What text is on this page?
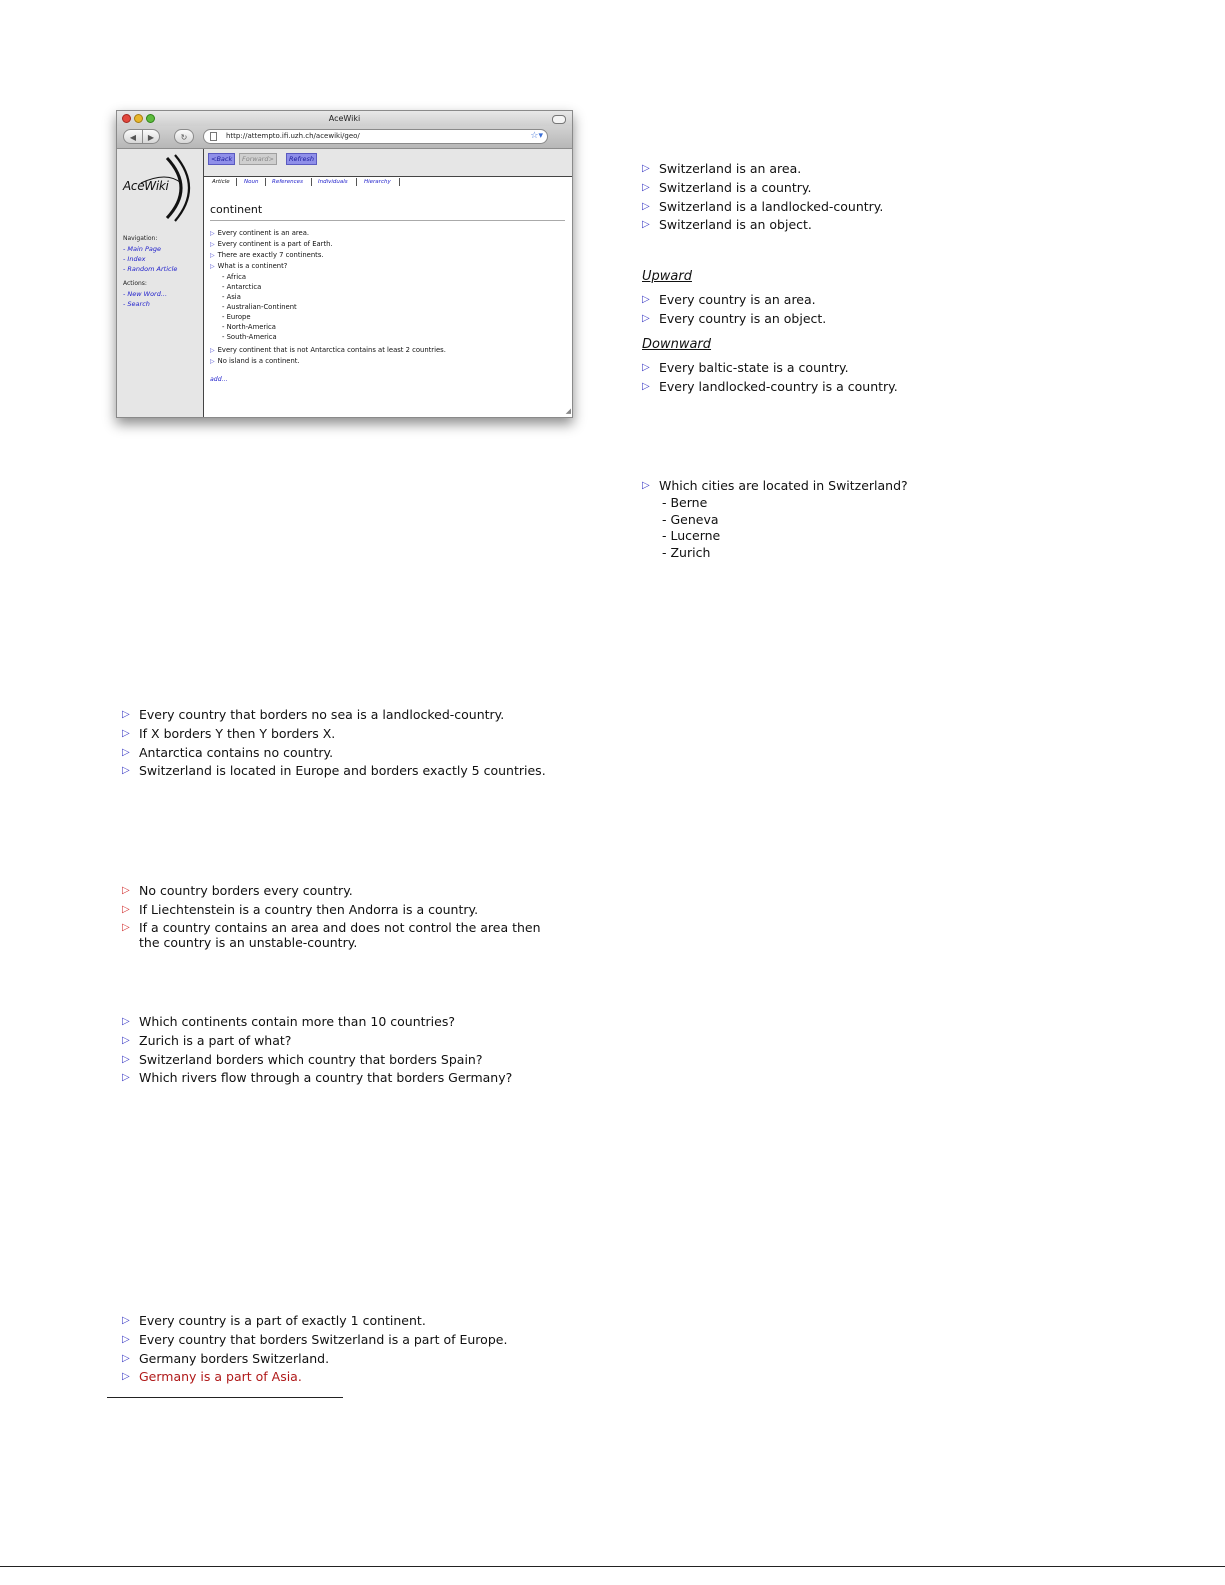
AceWiki
◀	▶	↻	http://attempto.ifi.uzh.ch/acewiki/geo/	☆▾
AceWiki
Navigation:
- Main Page
- Index
- Random Article
Actions:
- New Word...
- Search
<Back	Forward>	Refresh
Article	Noun References	Individuals	Hierarchy
continent
▷ Every continent is an area.
▷ Every continent is a part of Earth.
▷ There are exactly 7 continents.
▷ What is a continent?
- Africa
- Antarctica
- Asia
- Australian-Continent
- Europe
- North-America
- South-America
▷ Every continent that is not Antarctica contains at least 2 countries.
▷ No island is a continent.
add...
◢
▷ Switzerland is an area.
▷ Switzerland is a country.
▷ Switzerland is a landlocked-country.
▷ Switzerland is an object.
Upward
▷ Every country is an area.
▷ Every country is an object.
Downward
▷ Every baltic-state is a country.
▷ Every landlocked-country is a country.
▷ Which cities are located in Switzerland?
- Berne
- Geneva
- Lucerne
- Zurich
▷ Every country that borders no sea is a landlocked-country.
▷ If X borders Y then Y borders X.
▷ Antarctica contains no country.
▷ Switzerland is located in Europe and borders exactly 5 countries.
▷ No country borders every country.
▷ If Liechtenstein is a country then Andorra is a country.
▷ If a country contains an area and does not control the area then the country is an unstable-country.
▷ Which continents contain more than 10 countries?
▷ Zurich is a part of what?
▷ Switzerland borders which country that borders Spain?
▷ Which rivers flow through a country that borders Germany?
▷ Every country is a part of exactly 1 continent.
▷ Every country that borders Switzerland is a part of Europe.
▷ Germany borders Switzerland.
▷ Germany is a part of Asia.
